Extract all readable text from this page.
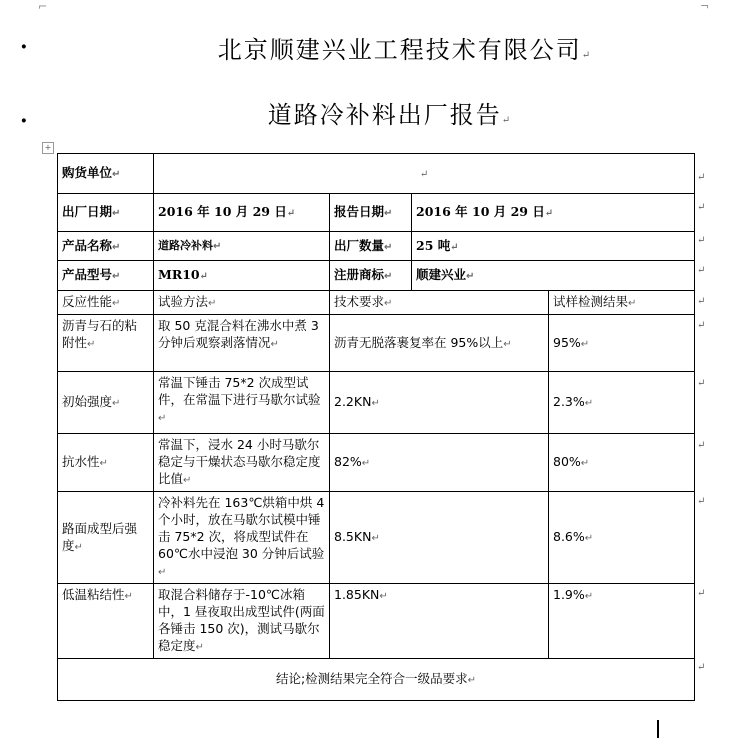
⌐	¬
·	北京顺建兴业工程技术有限公司↵
·	道路冷补料出厂报告↵
+
购货单位↵	↵			
出厂日期↵	2016 年 10 月 29 日↵	报告日期↵	2016 年 10 月 29 日↵	
产品名称↵	道路冷补料↵	出厂数量↵	25 吨↵	
产品型号↵	MR10↵	注册商标↵	顺建兴业↵	
反应性能↵	试验方法↵	技术要求↵		试样检测结果↵
沥青与石的粘附性↵	取 50 克混合料在沸水中煮 3 分钟后观察剥落情况↵	沥青无脱落裹复率在 95%以上↵		95%↵
初始强度↵	常温下锤击 75*2 次成型试件，在常温下进行马歇尔试验↵	2.2KN↵		2.3%↵
抗水性↵	常温下，浸水 24 小时马歇尔稳定与干燥状态马歇尔稳定度比值↵	82%↵		80%↵
路面成型后强度↵	冷补料先在 163℃烘箱中烘 4 个小时，放在马歇尔试模中锤击 75*2 次，将成型试件在 60℃水中浸泡 30 分钟后试验↵	8.5KN↵		8.6%↵
低温粘结性↵	取混合料储存于-10℃冰箱中，1 昼夜取出成型试件(两面各锤击 150 次)，测试马歇尔稳定度↵	1.85KN↵		1.9%↵
结论;检测结果完全符合一级品要求↵				
↵
↵
↵
↵
↵
↵
↵
↵
↵
↵
↵
